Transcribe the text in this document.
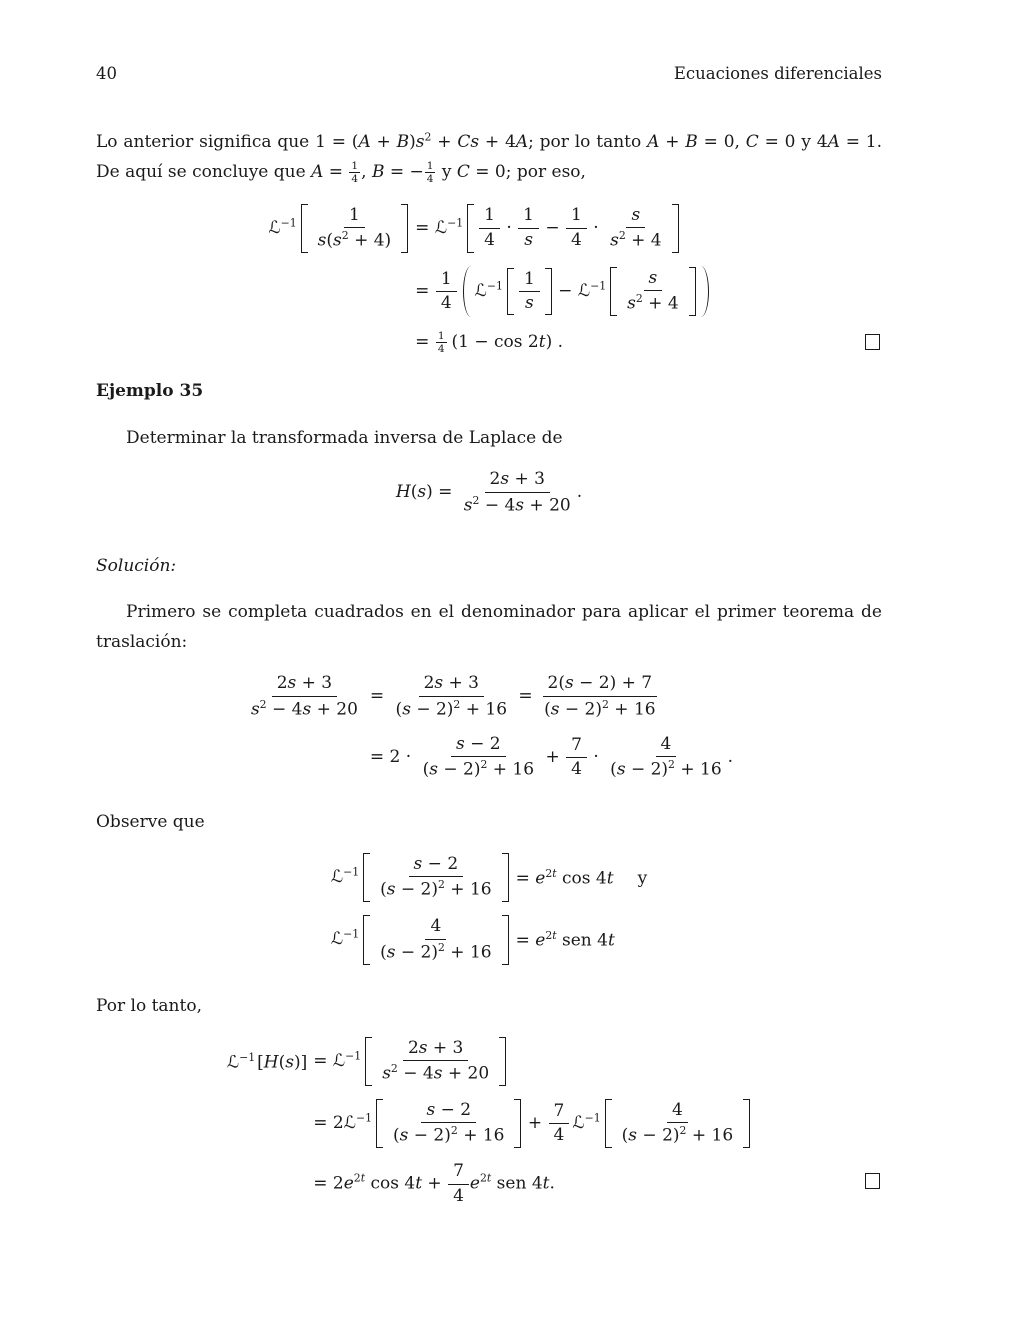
40	Ecuaciones diferenciales

Lo anterior significa que $1 = (A + B)s^2 + Cs + 4A$; por lo tanto A + B = 0, C = 0 y 4A = 1. De aquí se concluye que $A = \frac{1}{4}$ , B = − $\frac{1}{4}$ y C = 0; por eso,

ℒ$^{-1}$ $\frac{1}{s(s^2 + 4)}$ = ℒ$^{-1}$ $\frac{1}{4} \cdot \frac{1}{s} - \frac{1}{4} \cdot \frac{s}{s^2 + 4}$
= $\frac{1}{4}$ ℒ$^{-1}$ $\frac{1}{s}$ − ℒ$^{-1}$ $\frac{s}{s^2 + 4}$
= $\frac{1}{4} (1 - \cos 2t)$ .
Ejemplo 35

Determinar la transformada inversa de Laplace de

$H(s) = \frac{2s + 3}{s^2 - 4s + 20}$ .

Solución:

Primero se completa cuadrados en el denominador para aplicar el primer teorema de traslación:

$\frac{2s + 3}{s^2 - 4s + 20} = \frac{2s + 3}{(s - 2)^2 + 16} = \frac{2(s - 2) + 7}{(s - 2)^2 + 16}$
= $2 \cdot \frac{s - 2}{(s - 2)^2 + 16} + \frac{7}{4} \cdot \frac{4}{(s - 2)^2 + 16}$ .

Observe que

ℒ$^{-1}$ $\frac{s - 2}{(s - 2)^2 + 16} = e^{2t}$ cos 4t y
ℒ$^{-1}$ $\frac{4}{(s - 2)^2 + 16} = e^{2t}$ sen 4t

Por lo tanto,

ℒ$^{-1}$ [H(s)] = ℒ$^{-1}$ $\frac{2s + 3}{s^2 - 4s + 20}$
= 2ℒ$^{-1}$ $\frac{s - 2}{(s - 2)^2 + 16} + \frac{7}{4}$ ℒ$^{-1}$ $\frac{4}{(s - 2)^2 + 16}$
= $2e^{2t}$ $\cos 4t + \frac{7}{4} e^{2t}$ sen 4t.
